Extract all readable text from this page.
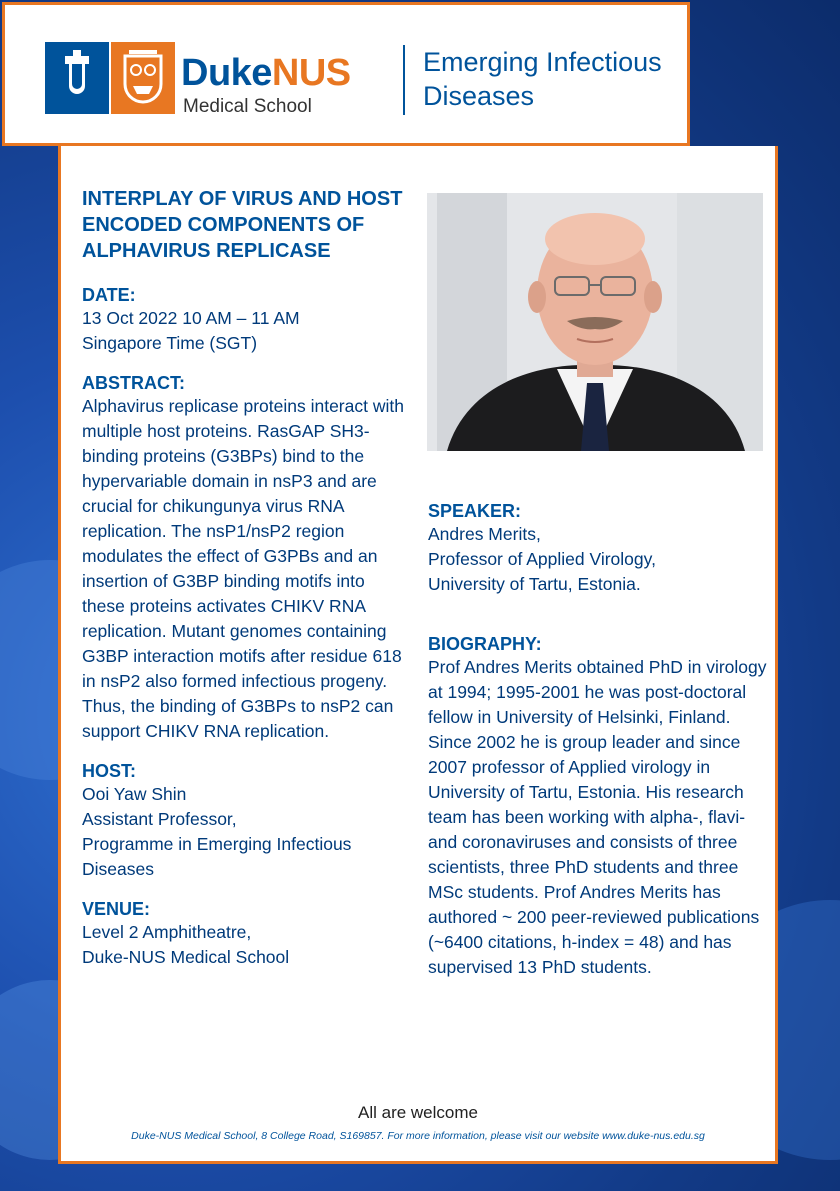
DukeNUS
Medical School
Emerging Infectious
Diseases
INTERPLAY OF VIRUS AND HOST ENCODED COMPONENTS OF ALPHAVIRUS REPLICASE
DATE:
13 Oct 2022 10 AM – 11 AM
Singapore Time (SGT)
ABSTRACT:
Alphavirus replicase proteins interact with multiple host proteins. RasGAP SH3-binding proteins (G3BPs) bind to the hypervariable domain in nsP3 and are crucial for chikungunya virus RNA replication. The nsP1/nsP2 region modulates the effect of G3PBs and an insertion of G3BP binding motifs into these proteins activates CHIKV RNA replication. Mutant genomes containing G3BP interaction motifs after residue 618 in nsP2 also formed infectious progeny. Thus, the binding of G3BPs to nsP2 can support CHIKV RNA replication.
HOST:
Ooi Yaw Shin
Assistant Professor,
Programme in Emerging Infectious Diseases
VENUE:
Level 2 Amphitheatre,
Duke-NUS Medical School
SPEAKER:
Andres Merits,
Professor of Applied Virology,
University of Tartu, Estonia.
BIOGRAPHY:
Prof Andres Merits obtained PhD in virology at 1994; 1995-2001 he was post-doctoral fellow in University of Helsinki, Finland. Since 2002 he is group leader and since 2007 professor of Applied virology in University of Tartu, Estonia. His research team has been working with alpha-, flavi- and coronaviruses and consists of three scientists, three PhD students and three MSc students. Prof Andres Merits has authored ~ 200 peer-reviewed publications (~6400 citations, h-index = 48) and has supervised 13 PhD students.
All are welcome
Duke-NUS Medical School, 8 College Road, S169857. For more information, please visit our website www.duke-nus.edu.sg
